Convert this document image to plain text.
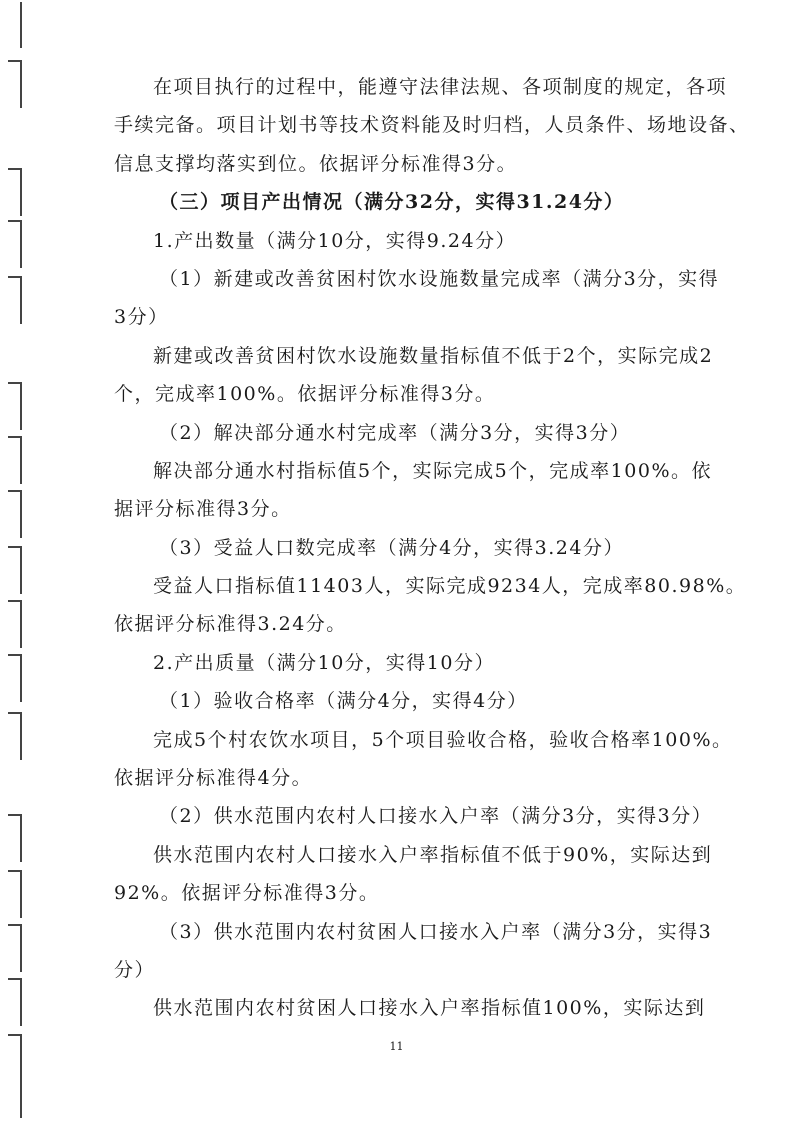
在项目执行的过程中，能遵守法律法规、各项制度的规定，各项

手续完备。项目计划书等技术资料能及时归档，人员条件、场地设备、

信息支撑均落实到位。依据评分标准得3分。

（三）项目产出情况（满分32分，实得31.24分）

1.产出数量（满分10分，实得9.24分）

（1）新建或改善贫困村饮水设施数量完成率（满分3分，实得

3分）

新建或改善贫困村饮水设施数量指标值不低于2个，实际完成2

个，完成率100%。依据评分标准得3分。

（2）解决部分通水村完成率（满分3分，实得3分）

解决部分通水村指标值5个，实际完成5个，完成率100%。依

据评分标准得3分。

（3）受益人口数完成率（满分4分，实得3.24分）

受益人口指标值11403人，实际完成9234人，完成率80.98%。

依据评分标准得3.24分。

2.产出质量（满分10分，实得10分）

（1）验收合格率（满分4分，实得4分）

完成5个村农饮水项目，5个项目验收合格，验收合格率100%。

依据评分标准得4分。

（2）供水范围内农村人口接水入户率（满分3分，实得3分）

供水范围内农村人口接水入户率指标值不低于90%，实际达到

92%。依据评分标准得3分。

（3）供水范围内农村贫困人口接水入户率（满分3分，实得3

分）

供水范围内农村贫困人口接水入户率指标值100%，实际达到

11
